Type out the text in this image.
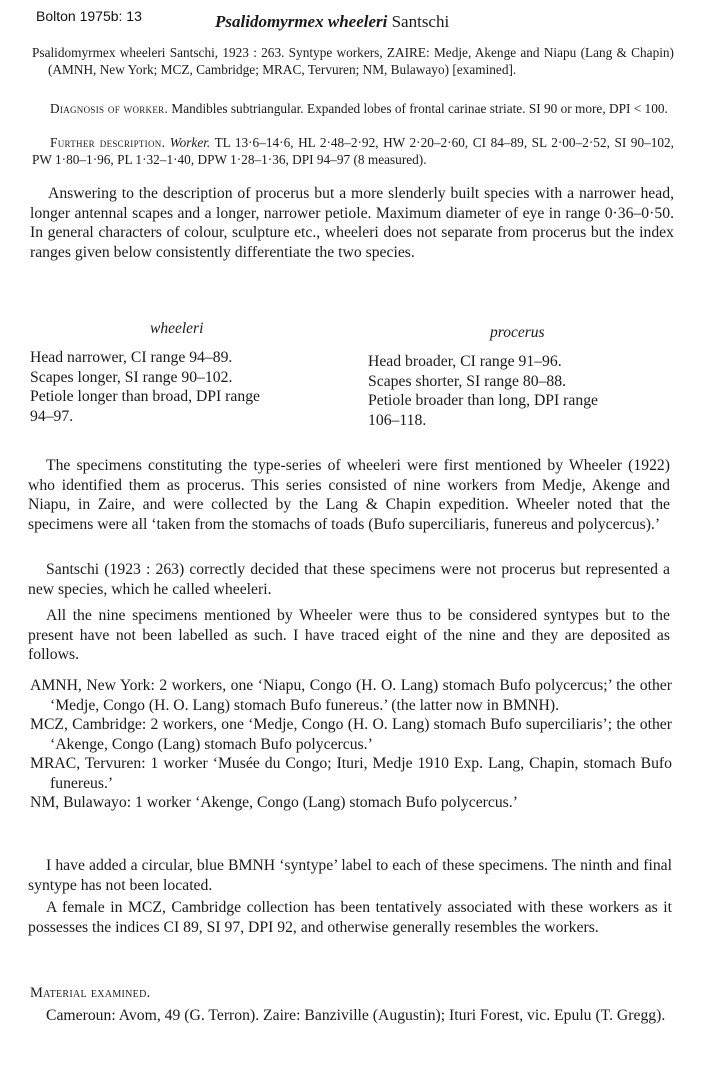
Bolton 1975b: 13	Psalidomyrmex wheeleri Santschi
Psalidomyrmex wheeleri Santschi, 1923 : 263. Syntype workers, ZAIRE: Medje, Akenge and Niapu (Lang & Chapin) (AMNH, New York; MCZ, Cambridge; MRAC, Tervuren; NM, Bulawayo) [examined].
Diagnosis of worker. Mandibles subtriangular. Expanded lobes of frontal carinae striate. SI 90 or more, DPI < 100.
Further description. Worker. TL 13·6–14·6, HL 2·48–2·92, HW 2·20–2·60, CI 84–89, SL 2·00–2·52, SI 90–102, PW 1·80–1·96, PL 1·32–1·40, DPW 1·28–1·36, DPI 94–97 (8 measured).
Answering to the description of procerus but a more slenderly built species with a narrower head, longer antennal scapes and a longer, narrower petiole. Maximum diameter of eye in range 0·36–0·50. In general characters of colour, sculpture etc., wheeleri does not separate from procerus but the index ranges given below consistently differentiate the two species.
wheeleri	procerus
Head narrower, CI range 94–89.
Scapes longer, SI range 90–102.
Petiole longer than broad, DPI range
94–97.
Head broader, CI range 91–96.
Scapes shorter, SI range 80–88.
Petiole broader than long, DPI range
106–118.
The specimens constituting the type-series of wheeleri were first mentioned by Wheeler (1922) who identified them as procerus. This series consisted of nine workers from Medje, Akenge and Niapu, in Zaire, and were collected by the Lang & Chapin expedition. Wheeler noted that the specimens were all ‘taken from the stomachs of toads (Bufo superciliaris, funereus and polycercus).’
Santschi (1923 : 263) correctly decided that these specimens were not procerus but represented a new species, which he called wheeleri.
All the nine specimens mentioned by Wheeler were thus to be considered syntypes but to the present have not been labelled as such. I have traced eight of the nine and they are deposited as follows.
AMNH, New York: 2 workers, one ‘Niapu, Congo (H. O. Lang) stomach Bufo polycercus;’ the other ‘Medje, Congo (H. O. Lang) stomach Bufo funereus.’ (the latter now in BMNH).
MCZ, Cambridge: 2 workers, one ‘Medje, Congo (H. O. Lang) stomach Bufo superciliaris’; the other ‘Akenge, Congo (Lang) stomach Bufo polycercus.’
MRAC, Tervuren: 1 worker ‘Musée du Congo; Ituri, Medje 1910 Exp. Lang, Chapin, stomach Bufo funereus.’
NM, Bulawayo: 1 worker ‘Akenge, Congo (Lang) stomach Bufo polycercus.’
I have added a circular, blue BMNH ‘syntype’ label to each of these specimens. The ninth and final syntype has not been located.
A female in MCZ, Cambridge collection has been tentatively associated with these workers as it possesses the indices CI 89, SI 97, DPI 92, and otherwise generally resembles the workers.
Material examined.
Cameroun: Avom, 49 (G. Terron). Zaire: Banziville (Augustin); Ituri Forest, vic. Epulu (T. Gregg).
